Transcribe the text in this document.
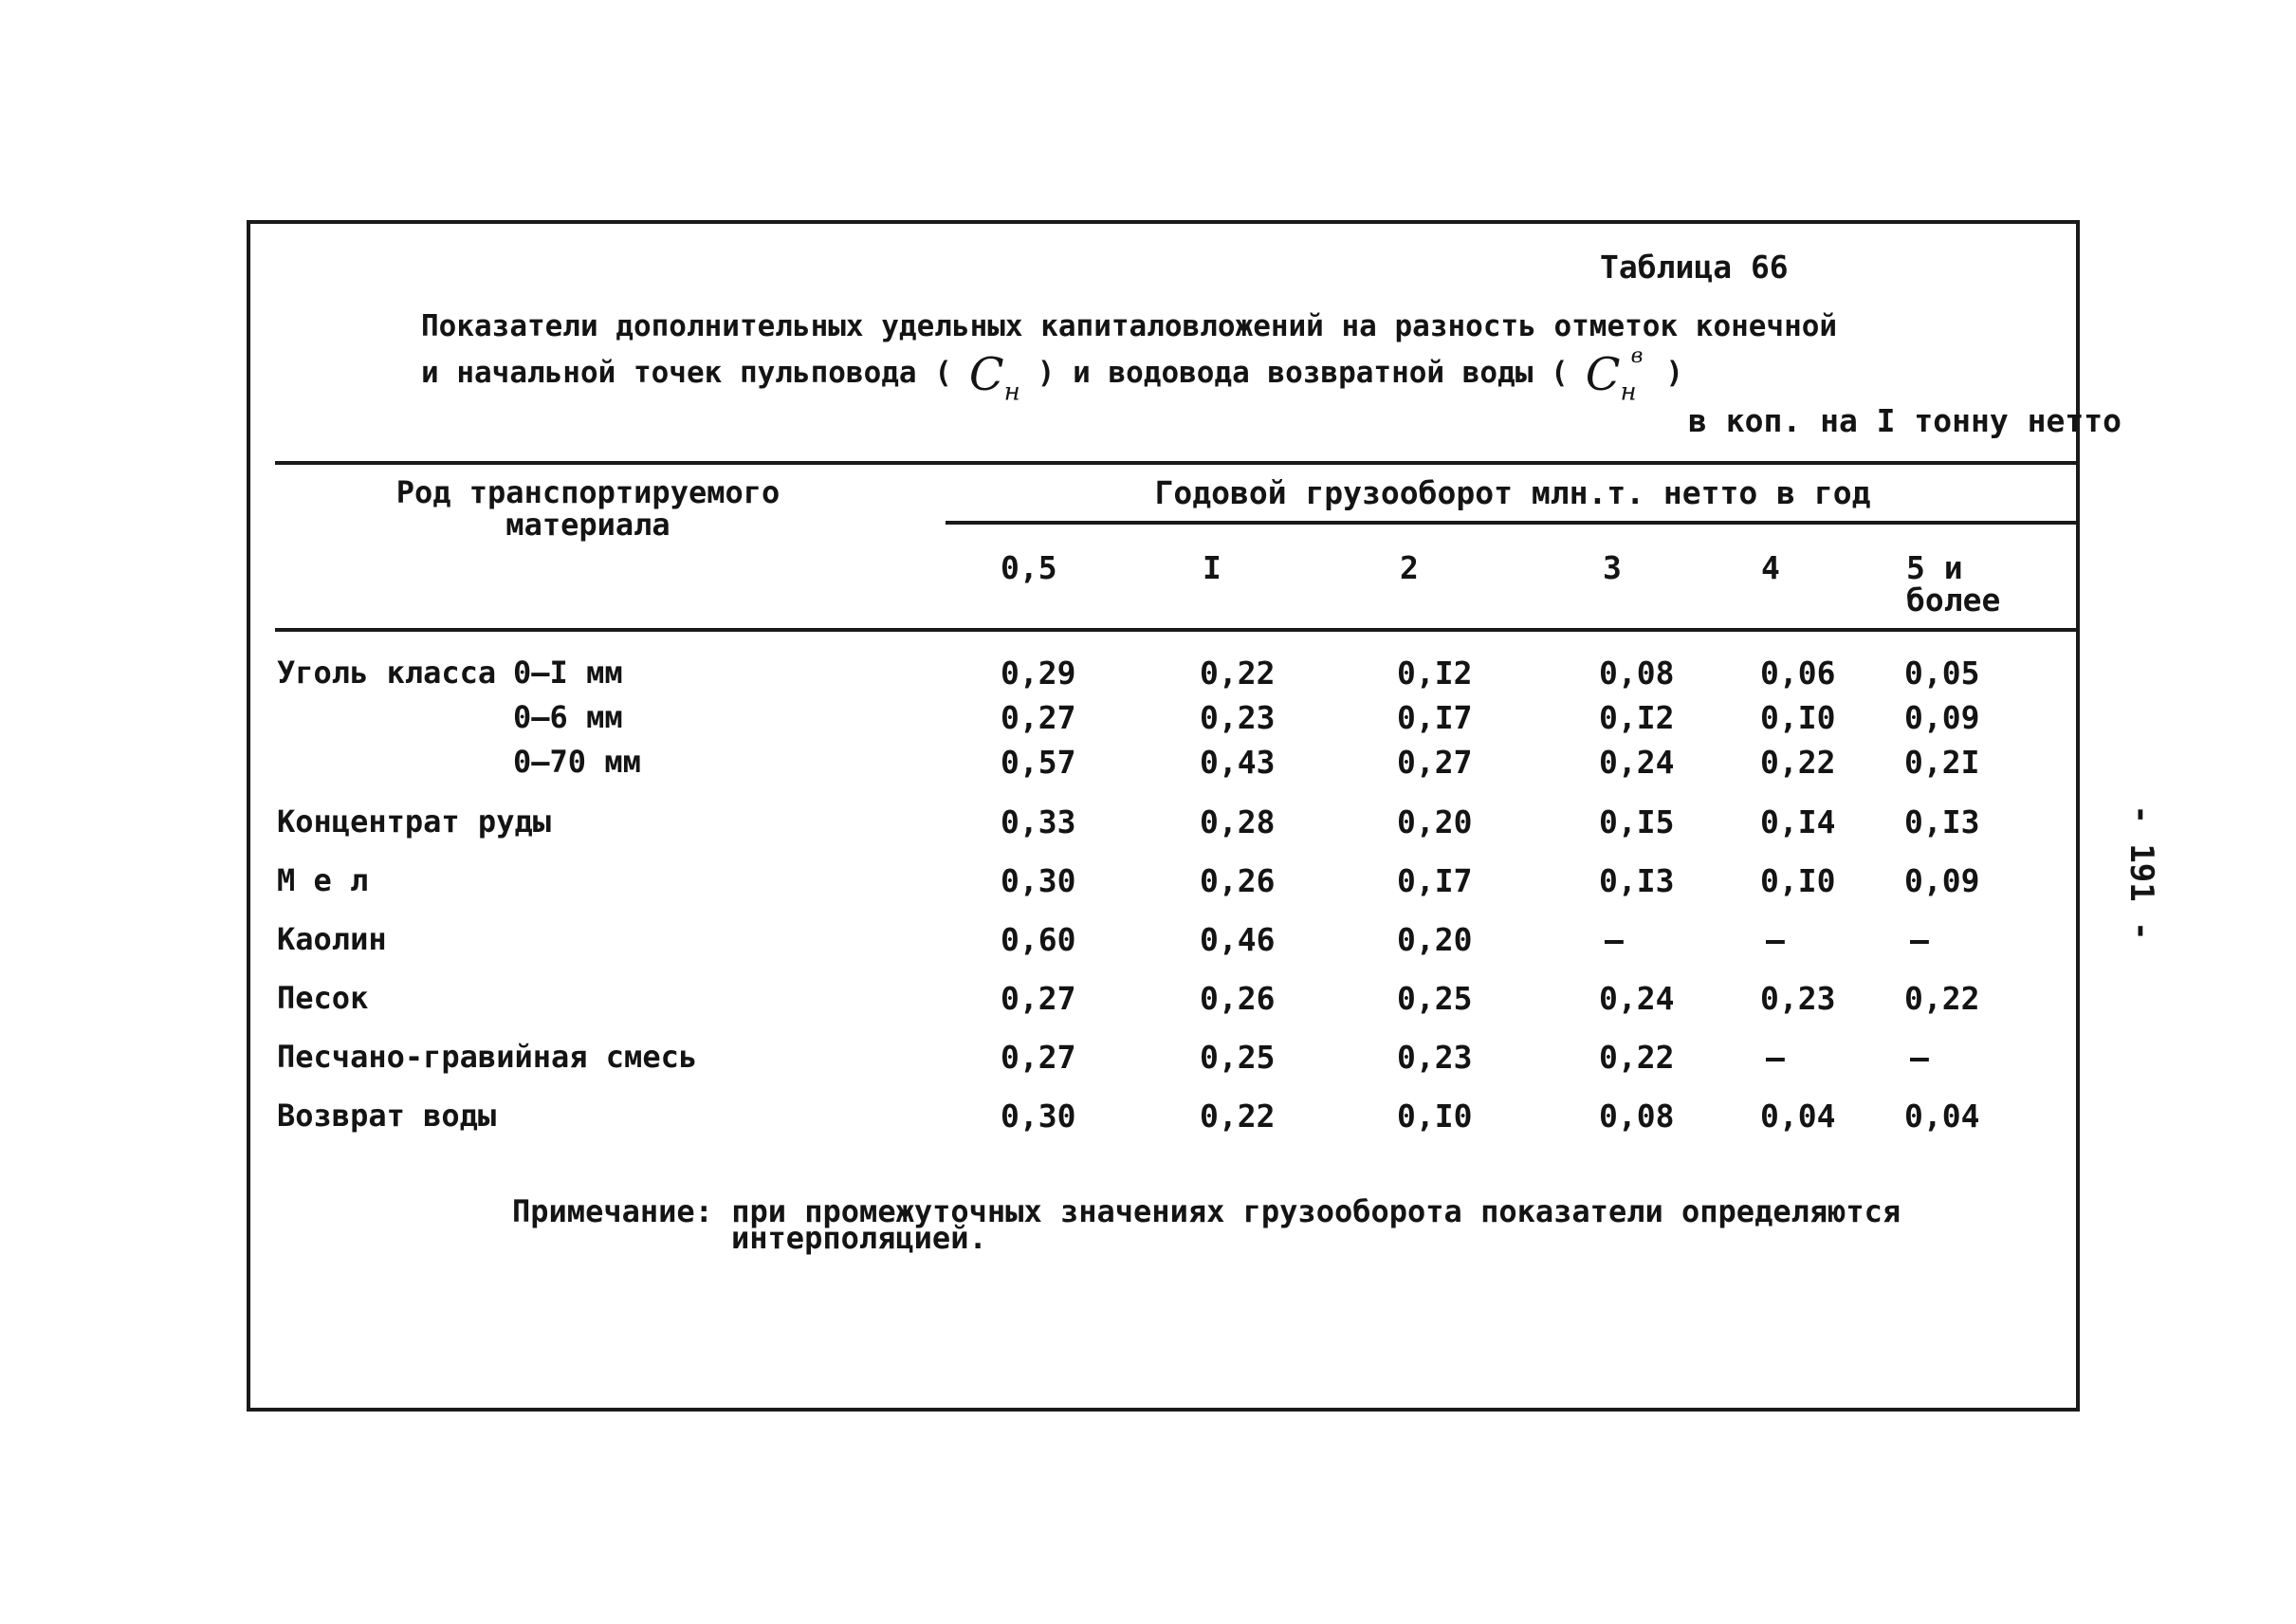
Таблица 66
Показатели дополнительных удельных капиталовложений на разность отметок конечной
и начальной точек пульповода ( $C_н$) и водовода возвратной воды ( $C_н^в$ )
в коп. на I тонну нетто
Род транспортируемого
материала
Годовой грузооборот млн.т. нетто в год
0,5	I	2	3	4	5 и
более
Уголь класса 0–I мм	0,29	0,22	0,I2	0,08	0,06 0,05
0–6 мм	0,27	0,23	0,I7	0,I2	0,I0 0,09
0–70 мм	0,57	0,43	0,27	0,24	0,22 0,2I
Концентрат руды	0,33	0,28	0,20	0,I5	0,I4 0,I3
М е л	0,30	0,26	0,I7	0,I3	0,I0 0,09
Каолин	0,60	0,46	0,20	–	–	–
Песок	0,27	0,26	0,25	0,24	0,23 0,22
Песчано-гравийная смесь	0,27	0,25	0,23	0,22	–	–
Возврат воды	0,30	0,22	0,I0	0,08	0,04 0,04
Примечание: при промежуточных значениях грузооборота показатели определяются
интерполяцией.
- 191 -
